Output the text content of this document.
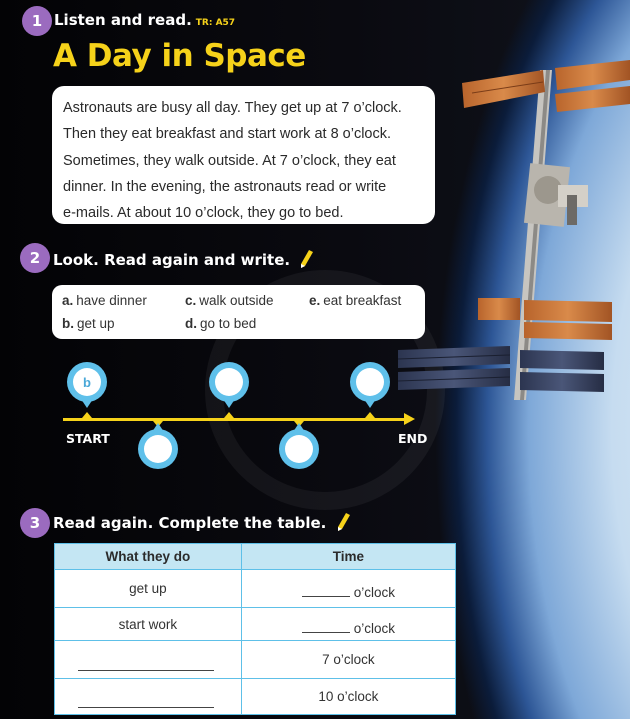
1 Listen and read. TR: A57
A Day in Space
Astronauts are busy all day. They get up at 7 o’clock.
Then they eat breakfast and start work at 8 o’clock.
Sometimes, they walk outside. At 7 o’clock, they eat
dinner. In the evening, the astronauts read or write
e-mails. At about 10 o’clock, they go to bed.
2 Look. Read again and write.
a. have dinner	c. walk outside	e. eat breakfast
b. get up	d. go to bed
START	END
b
3 Read again. Complete the table.
What they do	Time
get up	o’clock
start work	o’clock
	7 o’clock
	10 o’clock
